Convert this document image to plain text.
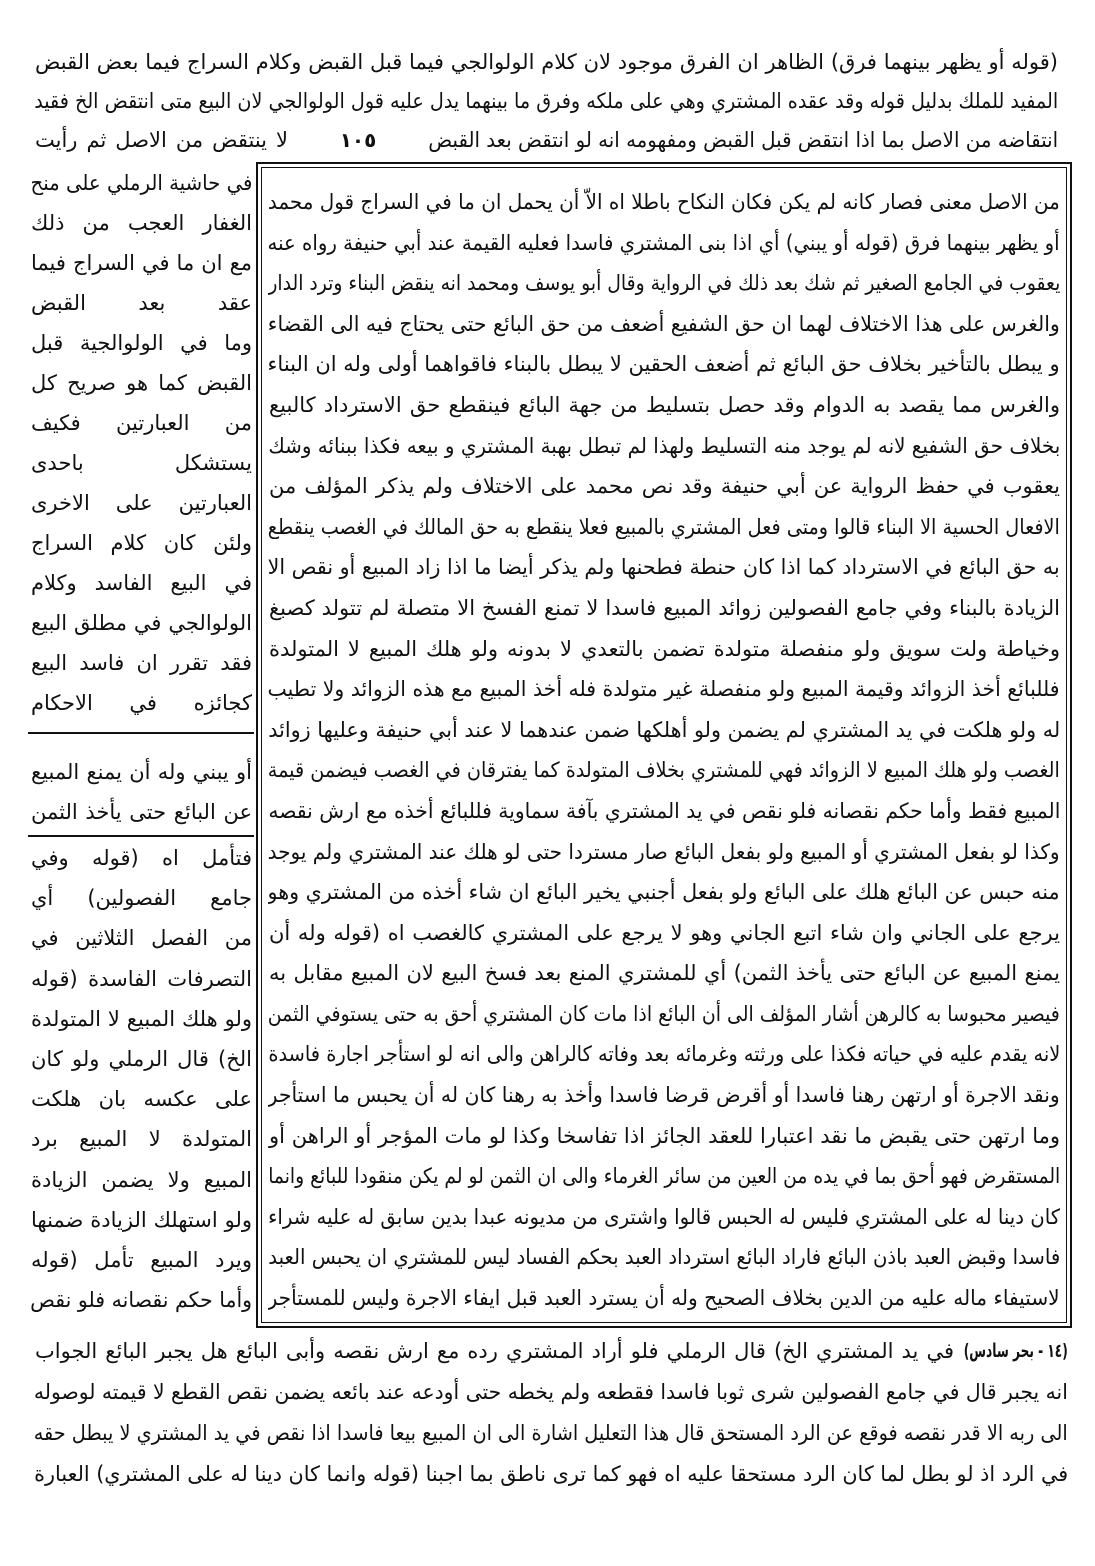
(قوله أو يظهر بينهما فرق) الظاهر ان الفرق موجود لان كلام الولوالجي فيما قبل القبض وكلام السراج فيما بعض القبض
المفيد للملك بدليل قوله وقد عقده المشتري وهي على ملكه وفرق ما بينهما يدل عليه قول الولوالجي لان البيع متى انتقض الخ فقيد
انتقاضه من الاصل بما اذا انتقض قبل القبض ومفهومه انه لو انتقض بعد القبض
١٠٥
لا ينتقض من الاصل ثم رأيت
من الاصل معنى فصار كانه لم يكن فكان النكاح باطلا اه الاّ أن يحمل ان ما في السراج قول محمد
أو يظهر بينهما فرق (قوله أو يبني) أي اذا بنى المشتري فاسدا فعليه القيمة عند أبي حنيفة رواه عنه
يعقوب في الجامع الصغير ثم شك بعد ذلك في الرواية وقال أبو يوسف ومحمد انه ينقض البناء وترد الدار
والغرس على هذا الاختلاف لهما ان حق الشفيع أضعف من حق البائع حتى يحتاج فيه الى القضاء
و يبطل بالتأخير بخلاف حق البائع ثم أضعف الحقين لا يبطل بالبناء فاقواهما أولى وله ان البناء
والغرس مما يقصد به الدوام وقد حصل بتسليط من جهة البائع فينقطع حق الاسترداد كالبيع
بخلاف حق الشفيع لانه لم يوجد منه التسليط ولهذا لم تبطل بهبة المشتري و بيعه فكذا ببنائه وشك
يعقوب في حفظ الرواية عن أبي حنيفة وقد نص محمد على الاختلاف ولم يذكر المؤلف من
الافعال الحسية الا البناء قالوا ومتى فعل المشتري بالمبيع فعلا ينقطع به حق المالك في الغصب ينقطع
به حق البائع في الاسترداد كما اذا كان حنطة فطحنها ولم يذكر أيضا ما اذا زاد المبيع أو نقص الا
الزيادة بالبناء وفي جامع الفصولين زوائد المبيع فاسدا لا تمنع الفسخ الا متصلة لم تتولد كصبغ
وخياطة ولت سويق ولو منفصلة متولدة تضمن بالتعدي لا بدونه ولو هلك المبيع لا المتولدة
فللبائع أخذ الزوائد وقيمة المبيع ولو منفصلة غير متولدة فله أخذ المبيع مع هذه الزوائد ولا تطيب
له ولو هلكت في يد المشتري لم يضمن ولو أهلكها ضمن عندهما لا عند أبي حنيفة وعليها زوائد
الغصب ولو هلك المبيع لا الزوائد فهي للمشتري بخلاف المتولدة كما يفترقان في الغصب فيضمن قيمة
المبيع فقط وأما حكم نقصانه فلو نقص في يد المشتري بآفة سماوية فللبائع أخذه مع ارش نقصه
وكذا لو بفعل المشتري أو المبيع ولو بفعل البائع صار مستردا حتى لو هلك عند المشتري ولم يوجد
منه حبس عن البائع هلك على البائع ولو بفعل أجنبي يخير البائع ان شاء أخذه من المشتري وهو
يرجع على الجاني وان شاء اتبع الجاني وهو لا يرجع على المشتري كالغصب اه (قوله وله أن
يمنع المبيع عن البائع حتى يأخذ الثمن) أي للمشتري المنع بعد فسخ البيع لان المبيع مقابل به
فيصير محبوسا به كالرهن أشار المؤلف الى أن البائع اذا مات كان المشتري أحق به حتى يستوفي الثمن
لانه يقدم عليه في حياته فكذا على ورثته وغرمائه بعد وفاته كالراهن والى انه لو استأجر اجارة فاسدة
ونقد الاجرة أو ارتهن رهنا فاسدا أو أقرض قرضا فاسدا وأخذ به رهنا كان له أن يحبس ما استأجر
وما ارتهن حتى يقبض ما نقد اعتبارا للعقد الجائز اذا تفاسخا وكذا لو مات المؤجر أو الراهن أو
المستقرض فهو أحق بما في يده من العين من سائر الغرماء والى ان الثمن لو لم يكن منقودا للبائع وانما
كان دينا له على المشتري فليس له الحبس قالوا واشترى من مديونه عبدا بدين سابق له عليه شراء
فاسدا وقبض العبد باذن البائع فاراد البائع استرداد العبد بحكم الفساد ليس للمشتري ان يحبس العبد
لاستيفاء ماله عليه من الدين بخلاف الصحيح وله أن يسترد العبد قبل ايفاء الاجرة وليس للمستأجر
في حاشية الرملي على منح
الغفار العجب من ذلك
مع ان ما في السراج فيما
عقد بعد القبض
وما في الولوالجية قبل
القبض كما هو صريح كل
من العبارتين فكيف
يستشكل باحدى
العبارتين على الاخرى
ولئن كان كلام السراج
في البيع الفاسد وكلام
الولوالجي في مطلق البيع
فقد تقرر ان فاسد البيع
كجائزه في الاحكام
أو يبني وله أن يمنع المبيع
عن البائع حتى يأخذ الثمن
فتأمل اه (قوله وفي
جامع الفصولين) أي
من الفصل الثلاثين في
التصرفات الفاسدة (قوله
ولو هلك المبيع لا المتولدة
الخ) قال الرملي ولو كان
على عكسه بان هلكت
المتولدة لا المبيع برد
المبيع ولا يضمن الزيادة
ولو استهلك الزيادة ضمنها
ويرد المبيع تأمل (قوله
وأما حكم نقصانه فلو نقص
(١٤ - بحر سادس)
في يد المشتري الخ) قال الرملي فلو أراد المشتري رده مع ارش نقصه وأبى البائع هل يجبر البائع الجواب
انه يجبر قال في جامع الفصولين شرى ثوبا فاسدا فقطعه ولم يخطه حتى أودعه عند بائعه يضمن نقص القطع لا قيمته لوصوله
الى ربه الا قدر نقصه فوقع عن الرد المستحق قال هذا التعليل اشارة الى ان المبيع بيعا فاسدا اذا نقص في يد المشتري لا يبطل حقه
في الرد اذ لو بطل لما كان الرد مستحقا عليه اه فهو كما ترى ناطق بما اجبنا (قوله وانما كان دينا له على المشتري) العبارة
